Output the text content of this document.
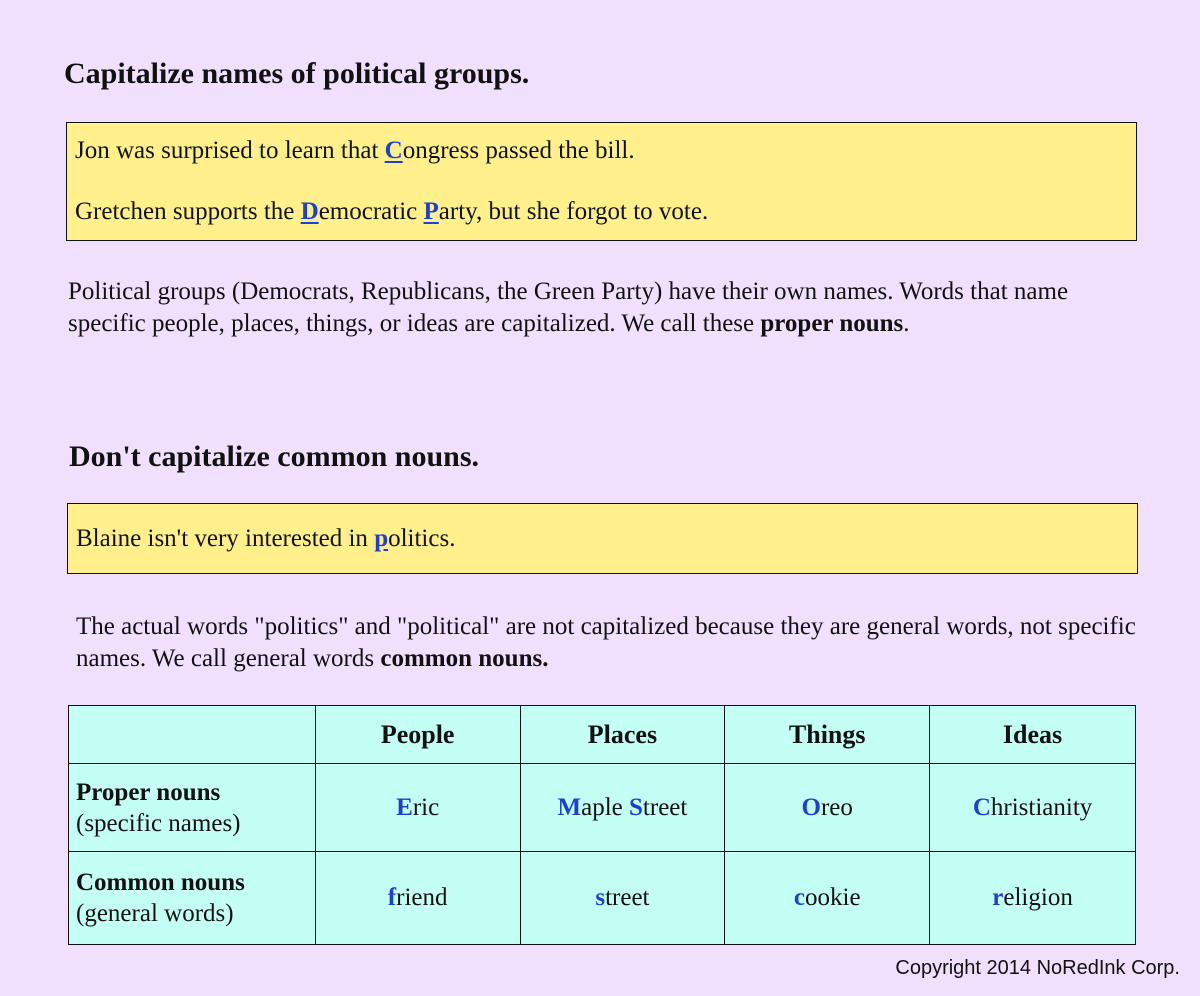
Capitalize names of political groups.
Jon was surprised to learn that Congress passed the bill.
Gretchen supports the Democratic Party, but she forgot to vote.

Political groups (Democrats, Republicans, the Green Party) have their own names. Words that name specific people, places, things, or ideas are capitalized. We call these proper nouns.

Don't capitalize common nouns.
Blaine isn't very interested in politics.

The actual words "politics" and "political" are not capitalized because they are general words, not specific names. We call general words common nouns.

	People	Places	Things	Ideas

Proper nouns
(specific names)	Eric	Maple Street	Oreo	Christianity

Common nouns
(general words)	friend	street	cookie	religion
Copyright 2014 NoRedInk Corp.
